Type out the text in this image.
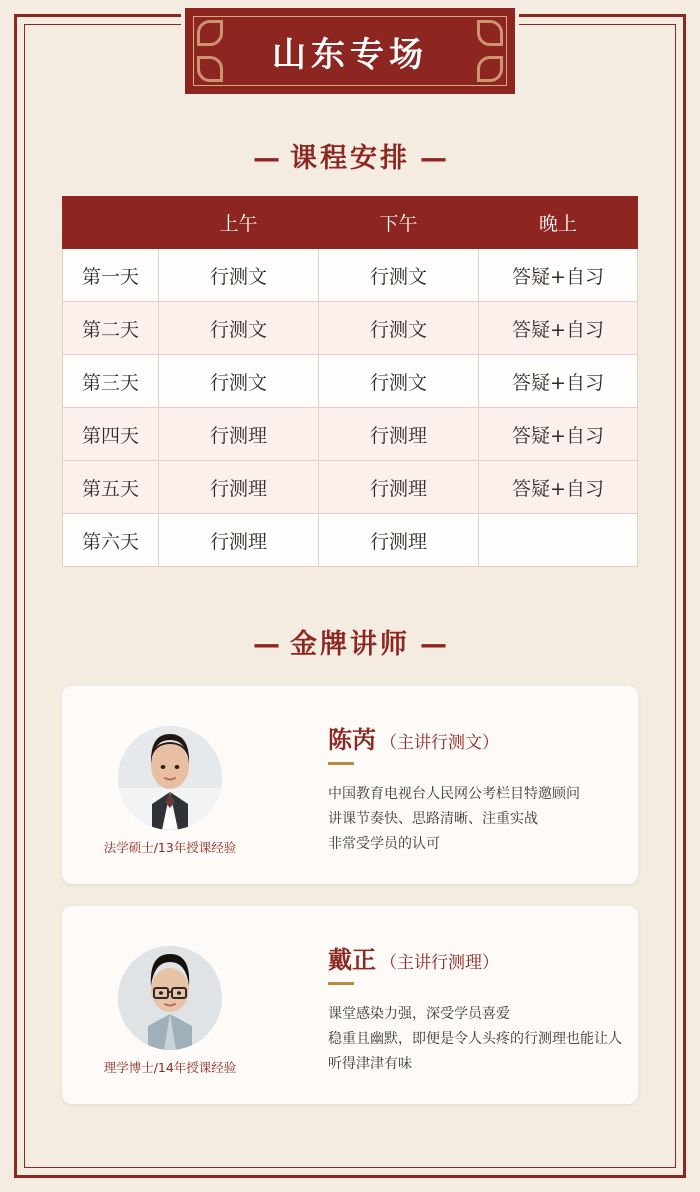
山东专场
— 课程安排 —
	上午	下午	晚上
第一天	行测文	行测文	答疑+自习
第二天	行测文	行测文	答疑+自习
第三天	行测文	行测文	答疑+自习
第四天	行测理	行测理	答疑+自习
第五天	行测理	行测理	答疑+自习
第六天	行测理	行测理	
— 金牌讲师 —
法学硕士/13年授课经验
陈芮 （主讲行测文）
中国教育电视台人民网公考栏目特邀顾问
讲课节奏快、思路清晰、注重实战
非常受学员的认可
理学博士/14年授课经验
戴正 （主讲行测理）
课堂感染力强，深受学员喜爱
稳重且幽默，即便是令人头疼的行测理也能让人
听得津津有味
